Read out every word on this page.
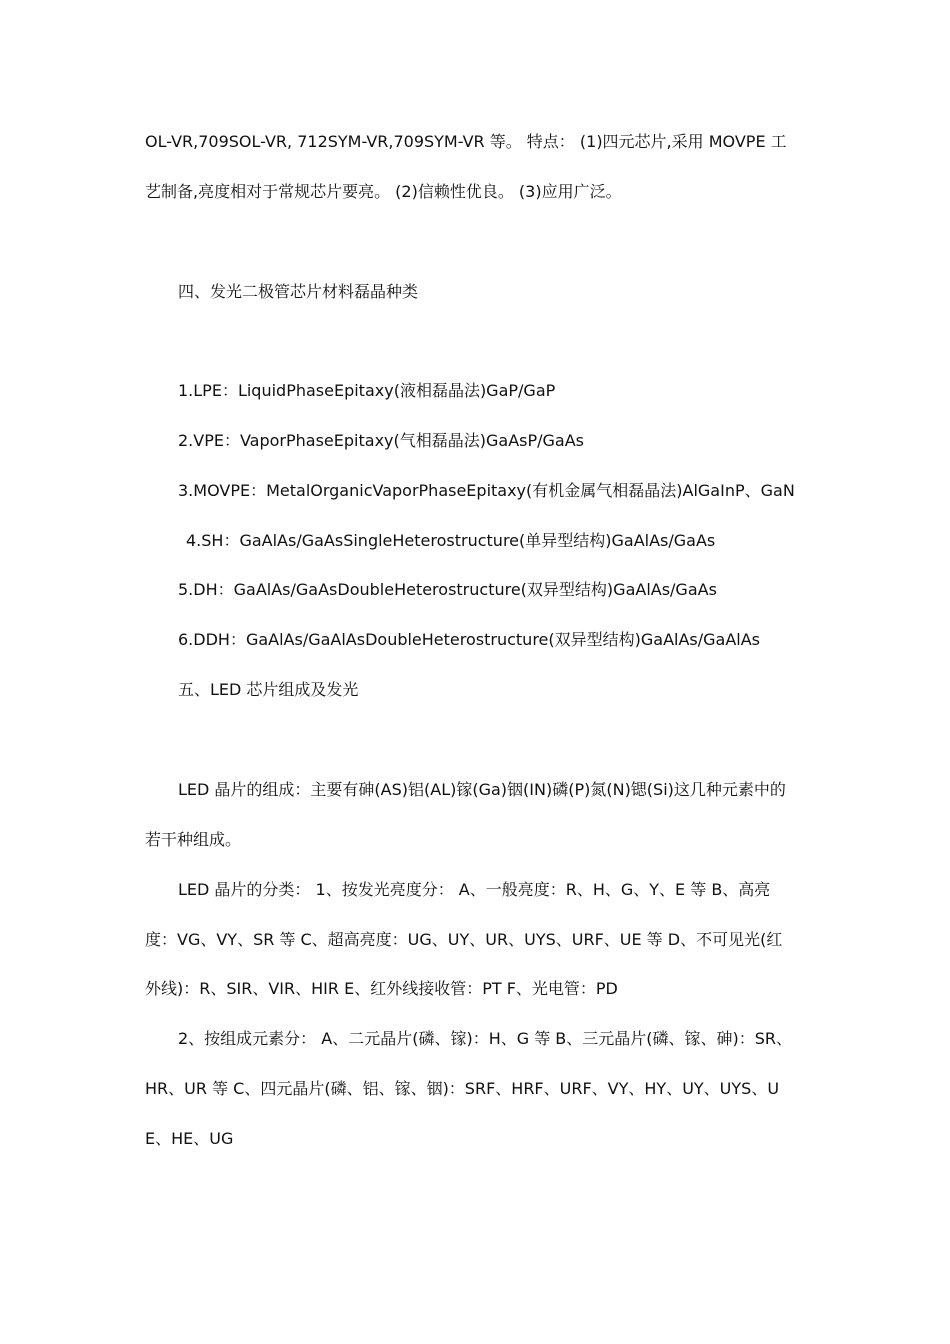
OL-VR,709SOL-VR, 712SYM-VR,709SYM-VR 等。 特点： (1)四元芯片,采用 MOVPE 工
艺制备,亮度相对于常规芯片要亮。 (2)信赖性优良。 (3)应用广泛。
四、发光二极管芯片材料磊晶种类
1.LPE：LiquidPhaseEpitaxy(液相磊晶法)GaP/GaP
2.VPE：VaporPhaseEpitaxy(气相磊晶法)GaAsP/GaAs
3.MOVPE：MetalOrganicVaporPhaseEpitaxy(有机金属气相磊晶法)AlGaInP、GaN
4.SH：GaAlAs/GaAsSingleHeterostructure(单异型结构)GaAlAs/GaAs
5.DH：GaAlAs/GaAsDoubleHeterostructure(双异型结构)GaAlAs/GaAs
6.DDH：GaAlAs/GaAlAsDoubleHeterostructure(双异型结构)GaAlAs/GaAlAs
五、LED 芯片组成及发光
LED 晶片的组成：主要有砷(AS)铝(AL)镓(Ga)铟(IN)磷(P)氮(N)锶(Si)这几种元素中的
若干种组成。
LED 晶片的分类： 1、按发光亮度分： A、一般亮度：R、H、G、Y、E 等 B、高亮
度：VG、VY、SR 等 C、超高亮度：UG、UY、UR、UYS、URF、UE 等 D、不可见光(红
外线)：R、SIR、VIR、HIR E、红外线接收管：PT F、光电管：PD
2、按组成元素分： A、二元晶片(磷、镓)：H、G 等 B、三元晶片(磷、镓、砷)：SR、
HR、UR 等 C、四元晶片(磷、铝、镓、铟)：SRF、HRF、URF、VY、HY、UY、UYS、U
E、HE、UG
